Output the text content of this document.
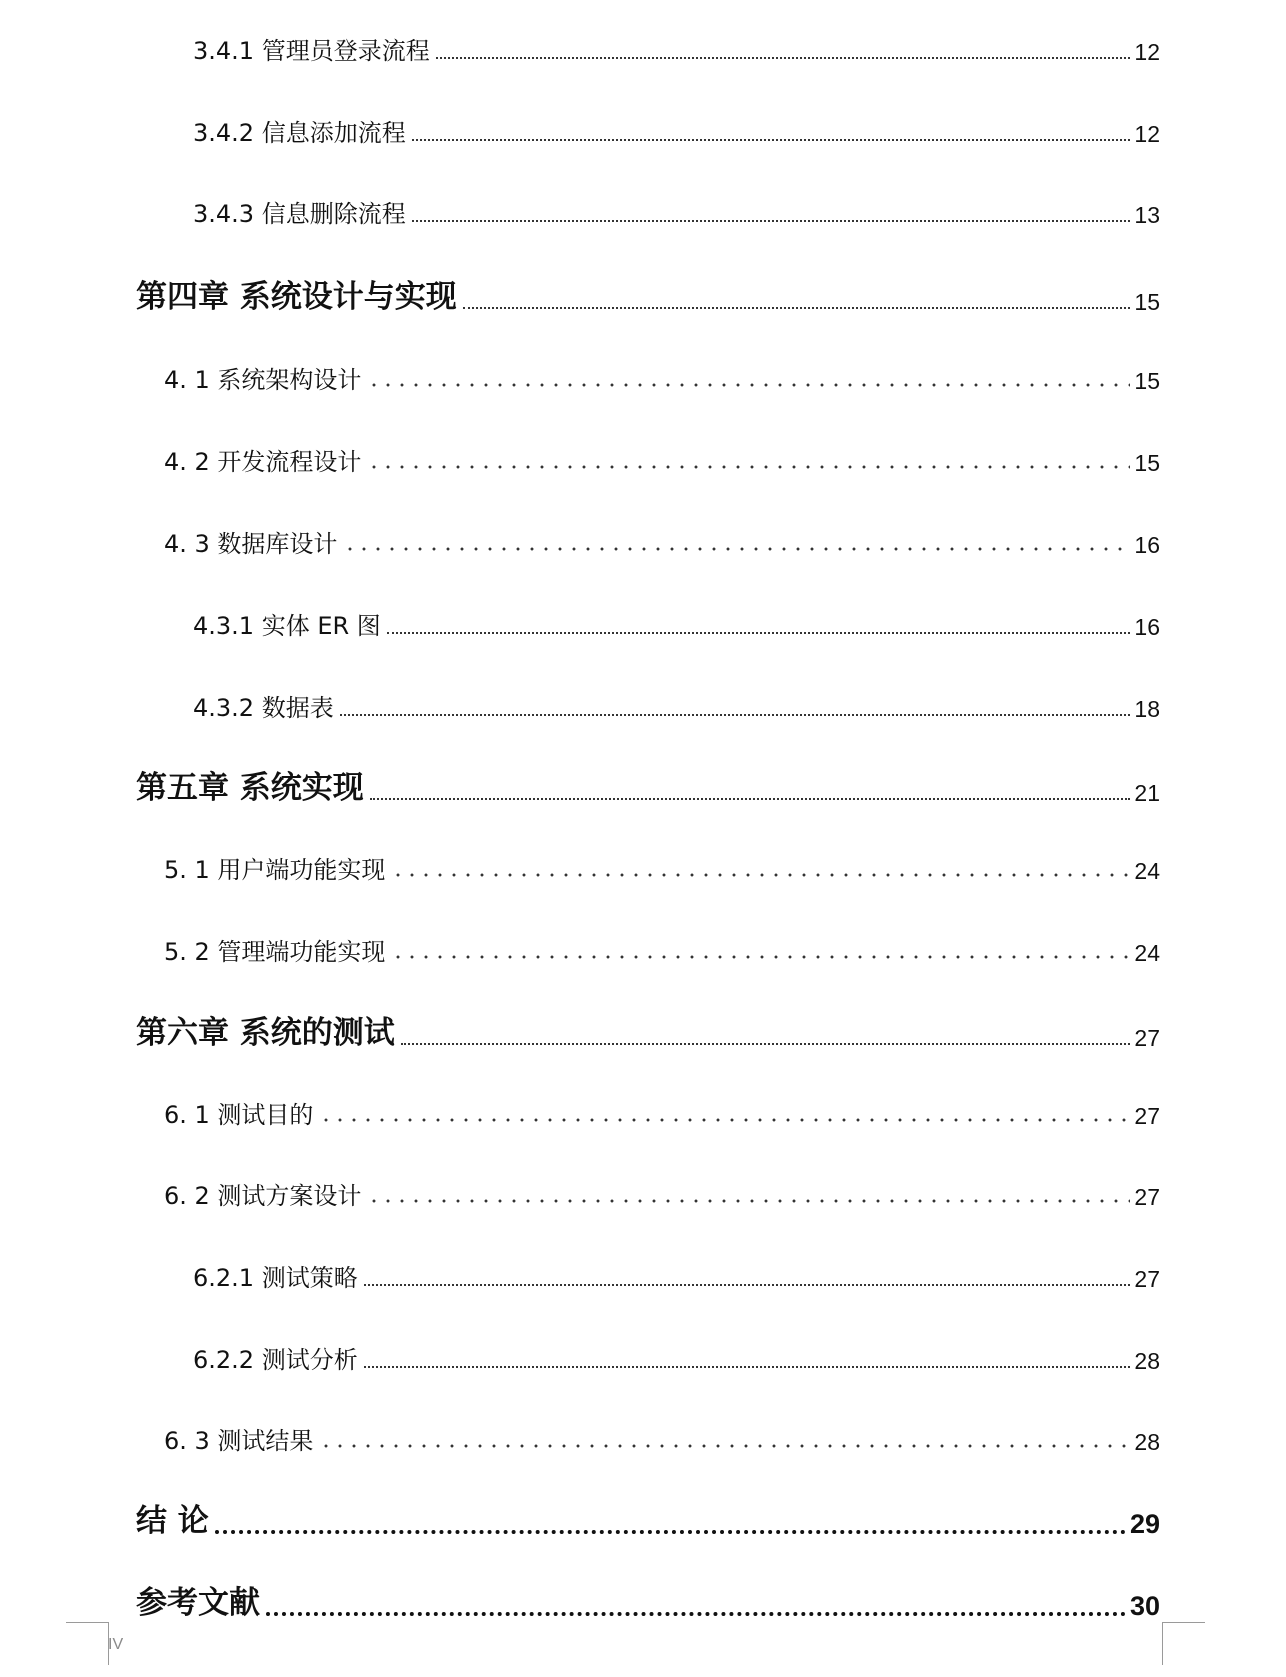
3.4.1 管理员登录流程	12
3.4.2 信息添加流程	12
3.4.3 信息删除流程	13
第四章 系统设计与实现	15
4. 1 系统架构设计	15
4. 2 开发流程设计	15
4. 3 数据库设计	16
4.3.1 实体 ER 图	16
4.3.2 数据表	18
第五章 系统实现	21
5. 1 用户端功能实现	24
5. 2 管理端功能实现	24
第六章 系统的测试	27
6. 1 测试目的	27
6. 2 测试方案设计	27
6.2.1 测试策略	27
6.2.2 测试分析	28
6. 3 测试结果	28
结 论	29
参考文献	30
IV
